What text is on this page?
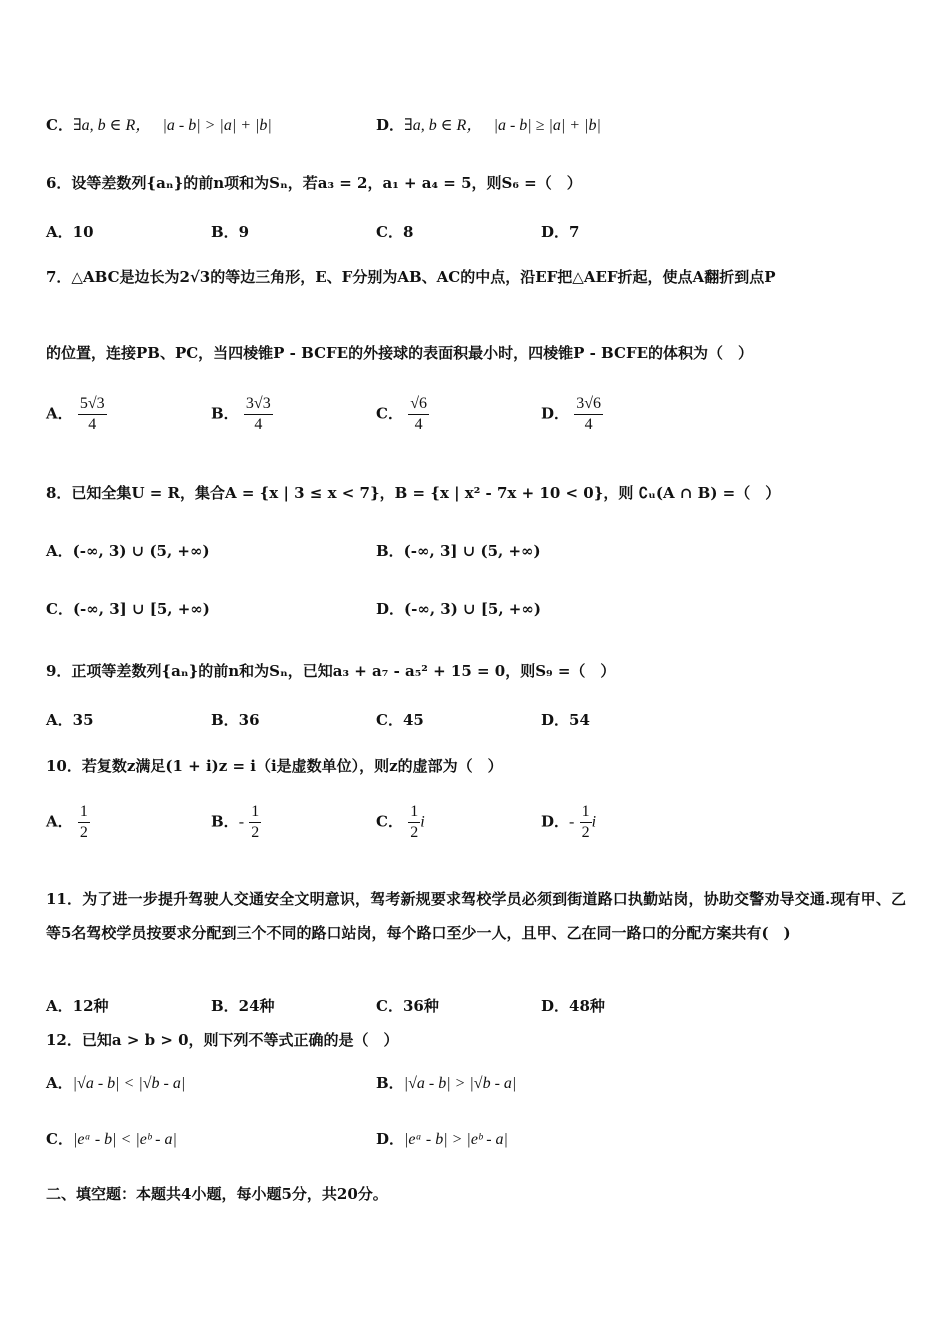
C．∃a, b ∈ R， |a - b| > |a| + |b|	D．∃a, b ∈ R， |a - b| ≥ |a| + |b|
6．设等差数列{aₙ}的前n项和为Sₙ，若a₃ = 2，a₁ + a₄ = 5，则S₆ =（　）
A．10	B．9	C．8	D．7
7．△ABC是边长为2√3的等边三角形，E、F分别为AB、AC的中点，沿EF把△AEF折起，使点A翻折到点P
的位置，连接PB、PC，当四棱锥P - BCFE的外接球的表面积最小时，四棱锥P - BCFE的体积为（　）
A． $\frac{5√3}{4}$	B． $\frac{3√3}{4}$	C． $\frac{√6}{4}$	D． $\frac{3√6}{4}$
8．已知全集U = R，集合A = {x | 3 ≤ x < 7}，B = {x | x² - 7x + 10 < 0}，则 ∁ᵤ(A ∩ B) =（　）
A．(-∞, 3) ∪ (5, +∞)	B．(-∞, 3] ∪ (5, +∞)
C．(-∞, 3] ∪ [5, +∞)	D．(-∞, 3) ∪ [5, +∞)
9．正项等差数列{aₙ}的前n和为Sₙ，已知a₃ + a₇ - a₅² + 15 = 0，则S₉ =（　）
A．35	B．36	C．45	D．54
10．若复数z满足(1 + i)z = i（i是虚数单位），则z的虚部为（　）
A． $\frac{1}{2}$	B．- $\frac{1}{2}$	C． $\frac{1}{2}$ i	D．- $\frac{1}{2}$ i
11．为了进一步提升驾驶人交通安全文明意识，驾考新规要求驾校学员必须到街道路口执勤站岗，协助交警劝导交通.现有甲、乙等5名驾校学员按要求分配到三个不同的路口站岗，每个路口至少一人，且甲、乙在同一路口的分配方案共有(　)
A．12种	B．24种	C．36种	D．48种
12．已知a > b > 0，则下列不等式正确的是（　）
A．|√a - b| < |√b - a|	B．|√a - b| > |√b - a|
C．|eᵃ - b| < |eᵇ - a|	D．|eᵃ - b| > |eᵇ - a|
二、填空题：本题共4小题，每小题5分，共20分。
